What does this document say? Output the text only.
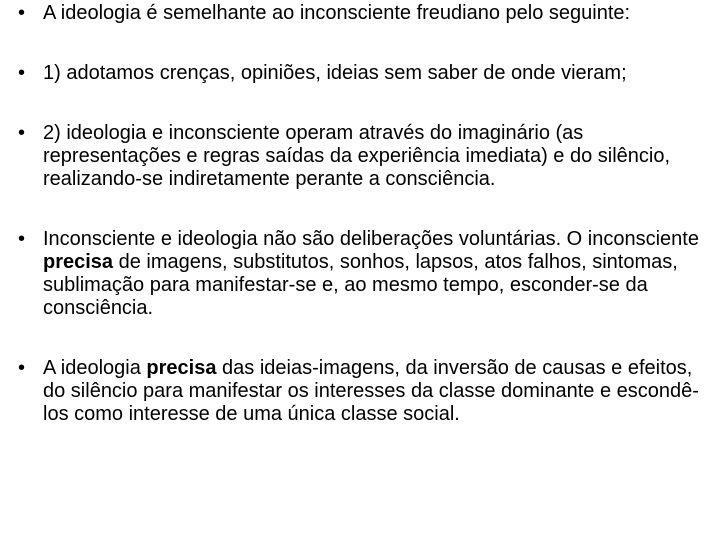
• A ideologia é semelhante ao inconsciente freudiano pelo seguinte:
• 1) adotamos crenças, opiniões, ideias sem saber de onde vieram;
• 2) ideologia e inconsciente operam através do imaginário (as representações e regras saídas da experiência imediata) e do silêncio, realizando-se indiretamente perante a consciência.
• Inconsciente e ideologia não são deliberações voluntárias. O inconsciente precisa de imagens, substitutos, sonhos, lapsos, atos falhos, sintomas, sublimação para manifestar-se e, ao mesmo tempo, esconder-se da consciência.
• A ideologia precisa das ideias-imagens, da inversão de causas e efeitos, do silêncio para manifestar os interesses da classe dominante e escondê-los como interesse de uma única classe social.
